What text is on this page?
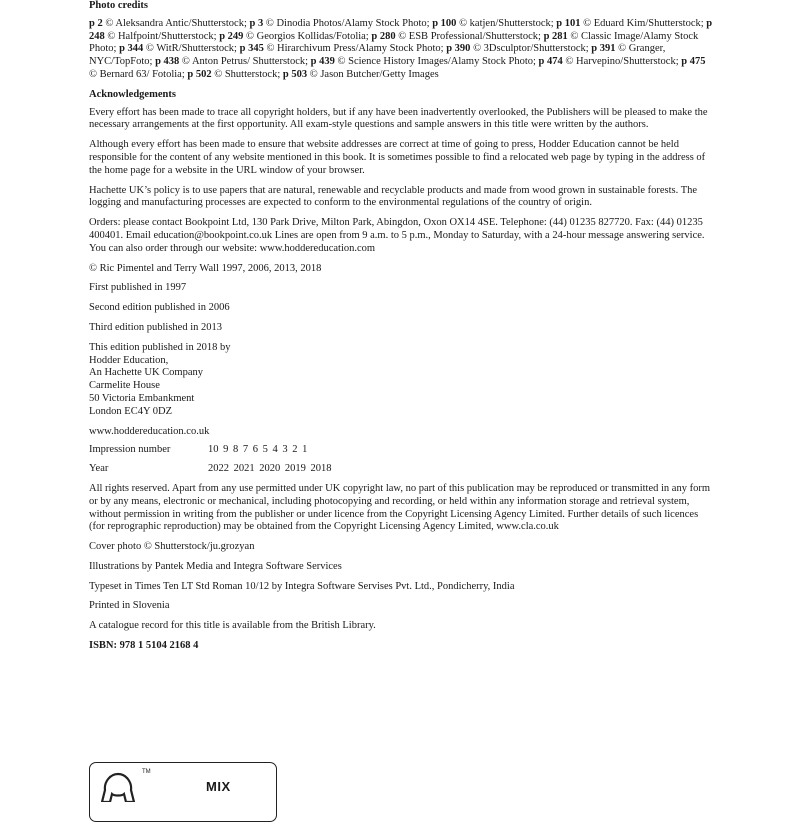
Photo credits

p 2 © Aleksandra Antic/Shutterstock; p 3 © Dinodia Photos/Alamy Stock Photo; p 100 © katjen/Shutterstock; p 101 © Eduard Kim/Shutterstock; p 248 © Halfpoint/Shutterstock; p 249 © Georgios Kollidas/Fotolia; p 280 © ESB Professional/Shutterstock; p 281 © Classic Image/Alamy Stock Photo; p 344 © WitR/Shutterstock; p 345 © Hirarchivum Press/Alamy Stock Photo; p 390 © 3Dsculptor/Shutterstock; p 391 © Granger, NYC/TopFoto; p 438 © Anton Petrus/ Shutterstock; p 439 © Science History Images/Alamy Stock Photo; p 474 © Harvepino/Shutterstock; p 475 © Bernard 63/ Fotolia; p 502 © Shutterstock; p 503 © Jason Butcher/Getty Images

Acknowledgements

Every effort has been made to trace all copyright holders, but if any have been inadvertently overlooked, the Publishers will be pleased to make the necessary arrangements at the first opportunity. All exam-style questions and sample answers in this title were written by the authors.

Although every effort has been made to ensure that website addresses are correct at time of going to press, Hodder Education cannot be held responsible for the content of any website mentioned in this book. It is sometimes possible to find a relocated web page by typing in the address of the home page for a website in the URL window of your browser.

Hachette UK’s policy is to use papers that are natural, renewable and recyclable products and made from wood grown in sustainable forests. The logging and manufacturing processes are expected to conform to the environmental regulations of the country of origin.

Orders: please contact Bookpoint Ltd, 130 Park Drive, Milton Park, Abingdon, Oxon OX14 4SE. Telephone: (44) 01235 827720. Fax: (44) 01235 400401. Email education@bookpoint.co.uk Lines are open from 9 a.m. to 5 p.m., Monday to Saturday, with a 24-hour message answering service. You can also order through our website: www.hoddereducation.com

© Ric Pimentel and Terry Wall 1997, 2006, 2013, 2018

First published in 1997

Second edition published in 2006

Third edition published in 2013

This edition published in 2018 by
Hodder Education,
An Hachette UK Company
Carmelite House
50 Victoria Embankment
London EC4Y 0DZ

www.hoddereducation.co.uk

Impression number	10 9 8 7 6 5 4 3 2 1
Year	2022 2021 2020 2019 2018

All rights reserved. Apart from any use permitted under UK copyright law, no part of this publication may be reproduced or transmitted in any form or by any means, electronic or mechanical, including photocopying and recording, or held within any information storage and retrieval system, without permission in writing from the publisher or under licence from the Copyright Licensing Agency Limited. Further details of such licences (for reprographic reproduction) may be obtained from the Copyright Licensing Agency Limited, www.cla.co.uk

Cover photo © Shutterstock/ju.grozyan

Illustrations by Pantek Media and Integra Software Services

Typeset in Times Ten LT Std Roman 10/12 by Integra Software Servises Pvt. Ltd., Pondicherry, India

Printed in Slovenia

A catalogue record for this title is available from the British Library.

ISBN: 978 1 5104 2168 4

TM
MIX
